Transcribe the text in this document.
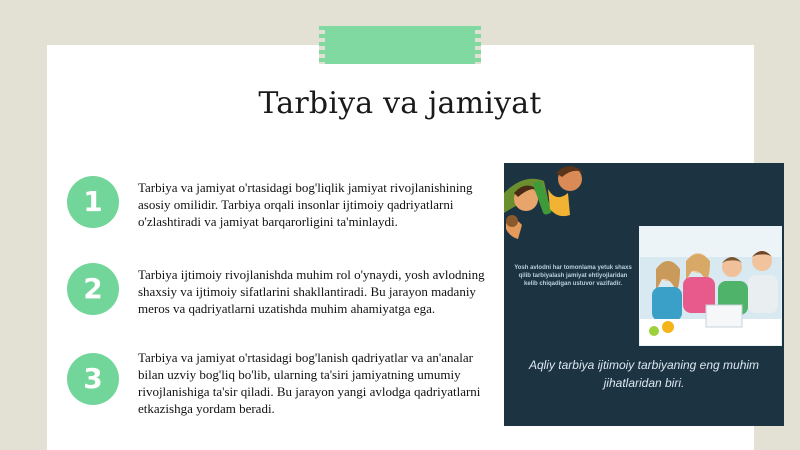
Tarbiya va jamiyat
1	Tarbiya va jamiyat o'rtasidagi bog'liqlik jamiyat rivojlanishining asosiy omilidir. Tarbiya orqali insonlar ijtimoiy qadriyatlarni o'zlashtiradi va jamiyat barqarorligini ta'minlaydi.
2	Tarbiya ijtimoiy rivojlanishda muhim rol o'ynaydi, yosh avlodning shaxsiy va ijtimoiy sifatlarini shakllantiradi. Bu jarayon madaniy meros va qadriyatlarni uzatishda muhim ahamiyatga ega.
3
Tarbiya va jamiyat o'rtasidagi bog'lanish qadriyatlar va an'analar bilan uzviy bog'liq bo'lib, ularning ta'siri jamiyatning umumiy rivojlanishiga ta'sir qiladi. Bu jarayon yangi avlodga qadriyatlarni etkazishga yordam beradi.
Yosh avlodni har tomonlama yetuk shaxs qilib tarbiyalash jamiyat ehtiyojlaridan kelib chiqadigan ustuvor vazifadir.
Aqliy tarbiya ijtimoiy tarbiyaning eng muhim jihatlaridan biri.
